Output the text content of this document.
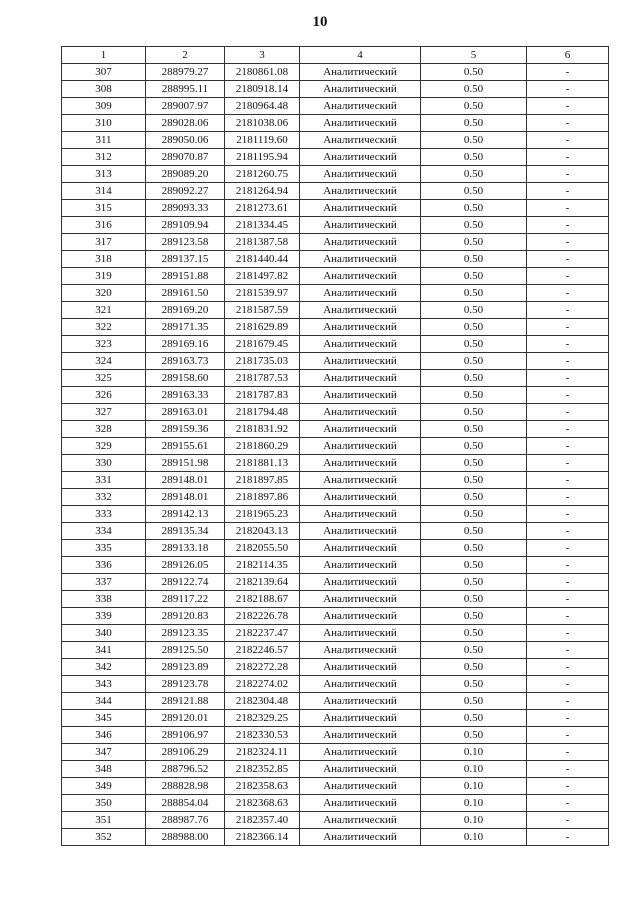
10
1	2	3	4	5	6
307	288979.27	2180861.08	Аналитический	0.50	-
308	288995.11	2180918.14	Аналитический	0.50	-
309	289007.97	2180964.48	Аналитический	0.50	-
310	289028.06	2181038.06	Аналитический	0.50	-
311	289050.06	2181119.60	Аналитический	0.50	-
312	289070.87	2181195.94	Аналитический	0.50	-
313	289089.20	2181260.75	Аналитический	0.50	-
314	289092.27	2181264.94	Аналитический	0.50	-
315	289093.33	2181273.61	Аналитический	0.50	-
316	289109.94	2181334.45	Аналитический	0.50	-
317	289123.58	2181387.58	Аналитический	0.50	-
318	289137.15	2181440.44	Аналитический	0.50	-
319	289151.88	2181497.82	Аналитический	0.50	-
320	289161.50	2181539.97	Аналитический	0.50	-
321	289169.20	2181587.59	Аналитический	0.50	-
322	289171.35	2181629.89	Аналитический	0.50	-
323	289169.16	2181679.45	Аналитический	0.50	-
324	289163.73	2181735.03	Аналитический	0.50	-
325	289158.60	2181787.53	Аналитический	0.50	-
326	289163.33	2181787.83	Аналитический	0.50	-
327	289163.01	2181794.48	Аналитический	0.50	-
328	289159.36	2181831.92	Аналитический	0.50	-
329	289155.61	2181860.29	Аналитический	0.50	-
330	289151.98	2181881.13	Аналитический	0.50	-
331	289148.01	2181897.85	Аналитический	0.50	-
332	289148.01	2181897.86	Аналитический	0.50	-
333	289142.13	2181965.23	Аналитический	0.50	-
334	289135.34	2182043.13	Аналитический	0.50	-
335	289133.18	2182055.50	Аналитический	0.50	-
336	289126.05	2182114.35	Аналитический	0.50	-
337	289122.74	2182139.64	Аналитический	0.50	-
338	289117.22	2182188.67	Аналитический	0.50	-
339	289120.83	2182226.78	Аналитический	0.50	-
340	289123.35	2182237.47	Аналитический	0.50	-
341	289125.50	2182246.57	Аналитический	0.50	-
342	289123.89	2182272.28	Аналитический	0.50	-
343	289123.78	2182274.02	Аналитический	0.50	-
344	289121.88	2182304.48	Аналитический	0.50	-
345	289120.01	2182329.25	Аналитический	0.50	-
346	289106.97	2182330.53	Аналитический	0.50	-
347	289106.29	2182324.11	Аналитический	0.10	-
348	288796.52	2182352.85	Аналитический	0.10	-
349	288828.98	2182358.63	Аналитический	0.10	-
350	288854.04	2182368.63	Аналитический	0.10	-
351	288987.76	2182357.40	Аналитический	0.10	-
352	288988.00	2182366.14	Аналитический	0.10	-
